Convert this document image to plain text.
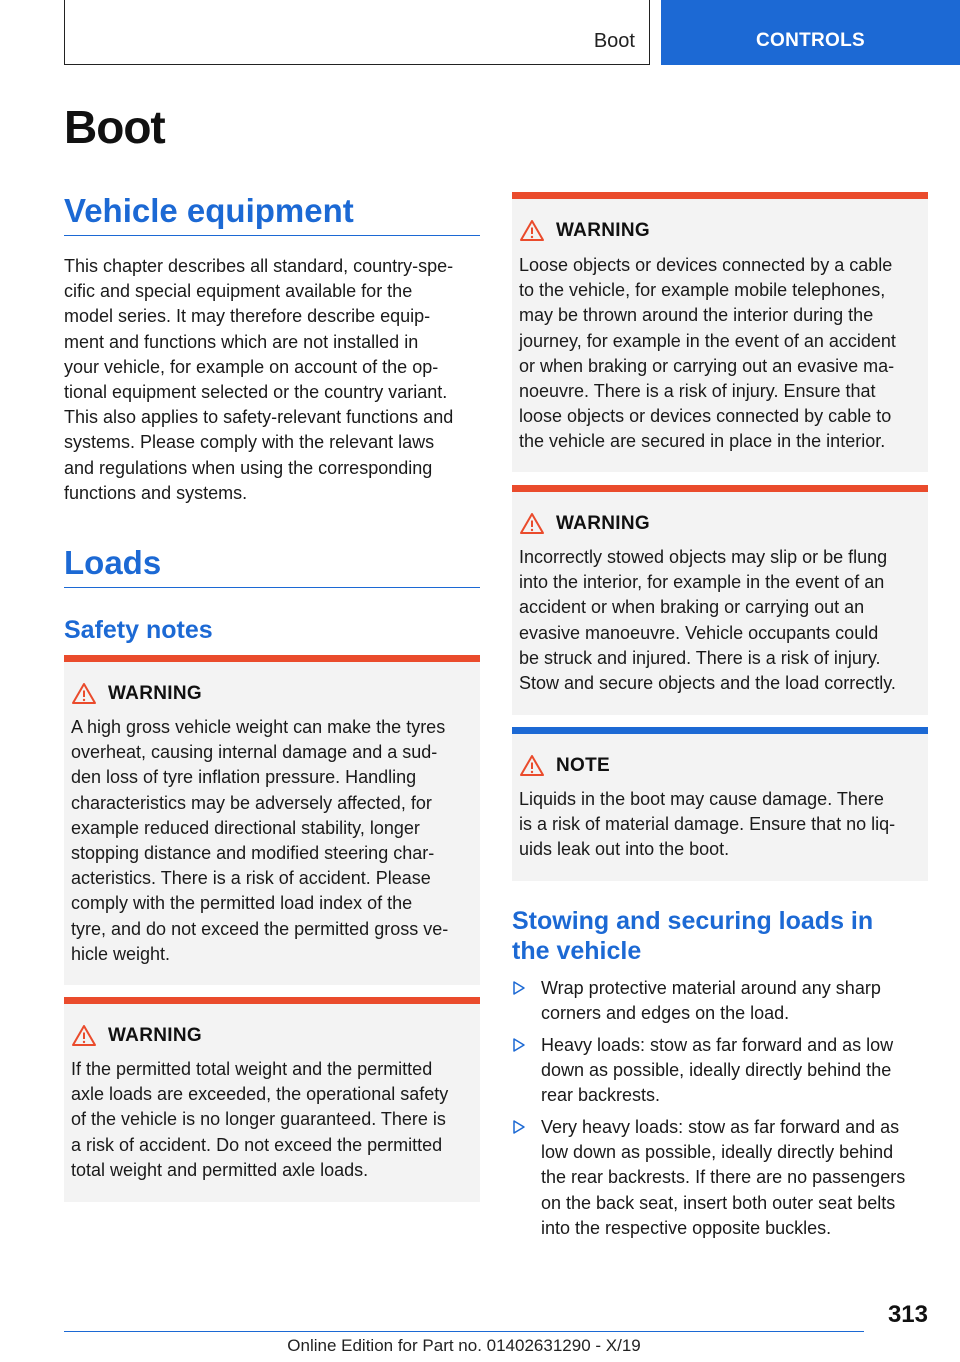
Boot	CONTROLS
Boot
Vehicle equipment
This chapter describes all standard, country-spe‐
cific and special equipment available for the
model series. It may therefore describe equip‐
ment and functions which are not installed in
your vehicle, for example on account of the op‐
tional equipment selected or the country variant.
This also applies to safety-relevant functions and
systems. Please comply with the relevant laws
and regulations when using the corresponding
functions and systems.
Loads
Safety notes
WARNING
A high gross vehicle weight can make the tyres
overheat, causing internal damage and a sud‐
den loss of tyre inflation pressure. Handling
characteristics may be adversely affected, for
example reduced directional stability, longer
stopping distance and modified steering char‐
acteristics. There is a risk of accident. Please
comply with the permitted load index of the
tyre, and do not exceed the permitted gross ve‐
hicle weight.
WARNING
If the permitted total weight and the permitted
axle loads are exceeded, the operational safety
of the vehicle is no longer guaranteed. There is
a risk of accident. Do not exceed the permitted
total weight and permitted axle loads.
WARNING
Loose objects or devices connected by a cable
to the vehicle, for example mobile telephones,
may be thrown around the interior during the
journey, for example in the event of an accident
or when braking or carrying out an evasive ma‐
noeuvre. There is a risk of injury. Ensure that
loose objects or devices connected by cable to
the vehicle are secured in place in the interior.
WARNING
Incorrectly stowed objects may slip or be flung
into the interior, for example in the event of an
accident or when braking or carrying out an
evasive manoeuvre. Vehicle occupants could
be struck and injured. There is a risk of injury.
Stow and secure objects and the load correctly.
NOTE
Liquids in the boot may cause damage. There
is a risk of material damage. Ensure that no liq‐
uids leak out into the boot.
Stowing and securing loads in
the vehicle
Wrap protective material around any sharp
corners and edges on the load.
Heavy loads: stow as far forward and as low
down as possible, ideally directly behind the
rear backrests.
Very heavy loads: stow as far forward and as
low down as possible, ideally directly behind
the rear backrests. If there are no passengers
on the back seat, insert both outer seat belts
into the respective opposite buckles.
313
Online Edition for Part no. 01402631290 - X/19
